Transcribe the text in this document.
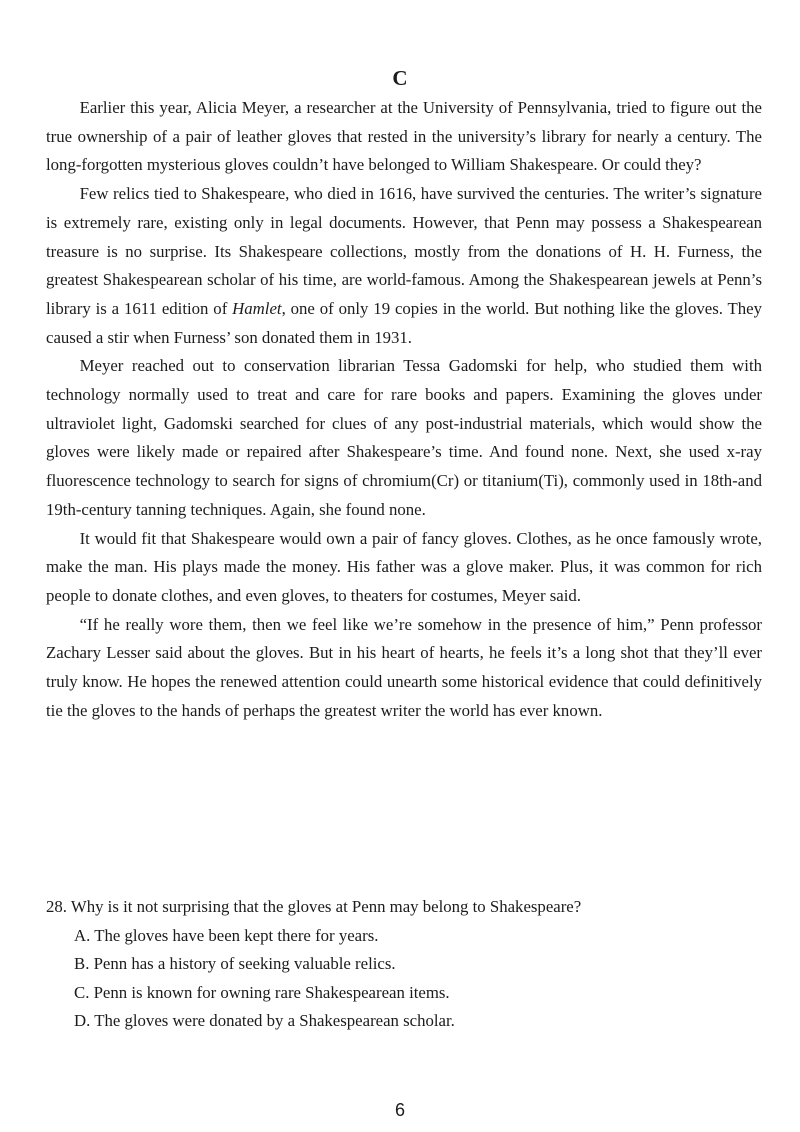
C

Earlier this year, Alicia Meyer, a researcher at the University of Pennsylvania, tried to figure out the true ownership of a pair of leather gloves that rested in the university’s library for nearly a century. The long-forgotten mysterious gloves couldn’t have belonged to William Shakespeare. Or could they?

Few relics tied to Shakespeare, who died in 1616, have survived the centuries. The writer’s signature is extremely rare, existing only in legal documents. However, that Penn may possess a Shakespearean treasure is no surprise. Its Shakespeare collections, mostly from the donations of H. H. Furness, the greatest Shakespearean scholar of his time, are world-famous. Among the Shakespearean jewels at Penn’s library is a 1611 edition of Hamlet, one of only 19 copies in the world. But nothing like the gloves. They caused a stir when Furness’ son donated them in 1931.

Meyer reached out to conservation librarian Tessa Gadomski for help, who studied them with technology normally used to treat and care for rare books and papers. Examining the gloves under ultraviolet light, Gadomski searched for clues of any post-industrial materials, which would show the gloves were likely made or repaired after Shakespeare’s time. And found none. Next, she used x-ray fluorescence technology to search for signs of chromium(Cr) or titanium(Ti), commonly used in 18th-and 19th-century tanning techniques. Again, she found none.

It would fit that Shakespeare would own a pair of fancy gloves. Clothes, as he once famously wrote, make the man. His plays made the money. His father was a glove maker. Plus, it was common for rich people to donate clothes, and even gloves, to theaters for costumes, Meyer said.

“If he really wore them, then we feel like we’re somehow in the presence of him,” Penn professor Zachary Lesser said about the gloves. But in his heart of hearts, he feels it’s a long shot that they’ll ever truly know. He hopes the renewed attention could unearth some historical evidence that could definitively tie the gloves to the hands of perhaps the greatest writer the world has ever known.

28. Why is it not surprising that the gloves at Penn may belong to Shakespeare?

A. The gloves have been kept there for years.
B. Penn has a history of seeking valuable relics.
C. Penn is known for owning rare Shakespearean items.
D. The gloves were donated by a Shakespearean scholar.
6
